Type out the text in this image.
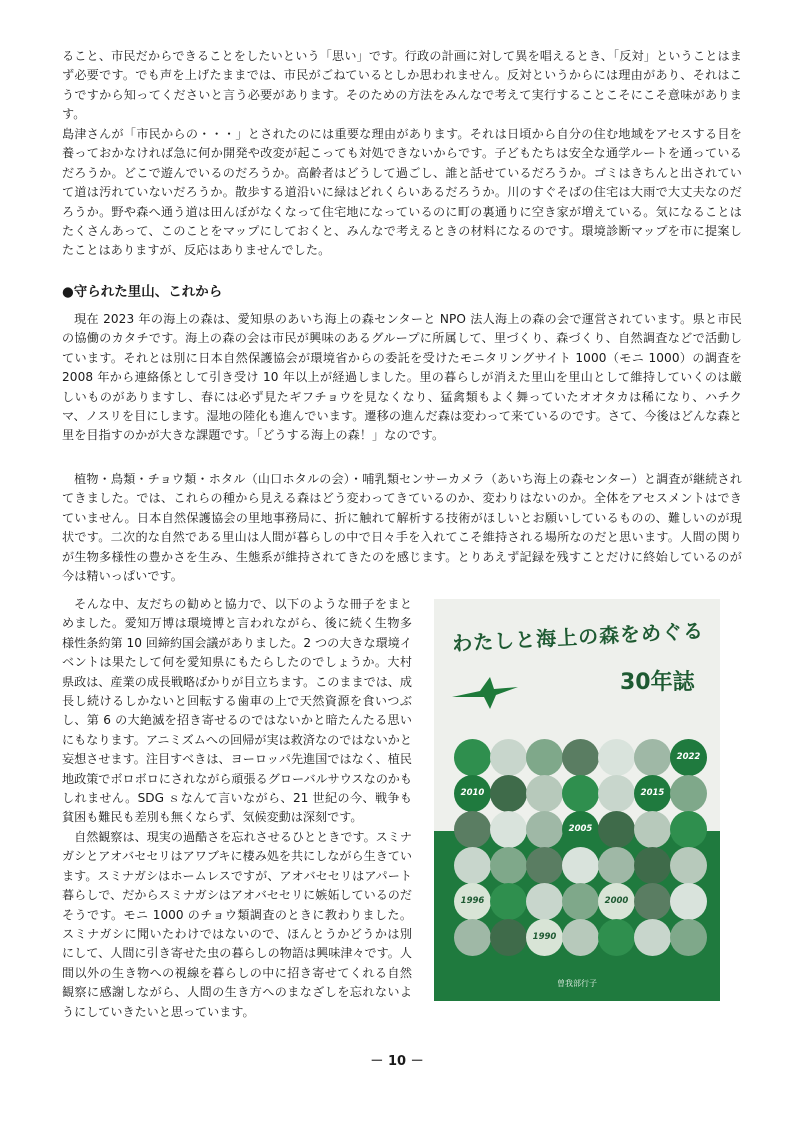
ること、市民だからできることをしたいという「思い」です。行政の計画に対して異を唱えるとき、「反対」ということはまず必要です。でも声を上げたままでは、市民がごねているとしか思われません。反対というからには理由があり、それはこうですから知ってくださいと言う必要があります。そのための方法をみんなで考えて実行することこそにこそ意味があります。

島津さんが「市民からの・・・」とされたのには重要な理由があります。それは日頃から自分の住む地域をアセスする目を養っておかなければ急に何か開発や改変が起こっても対処できないからです。子どもたちは安全な通学ルートを通っているだろうか。どこで遊んでいるのだろうか。高齢者はどうして過ごし、誰と話せているだろうか。ゴミはきちんと出されていて道は汚れていないだろうか。散歩する道沿いに緑はどれくらいあるだろうか。川のすぐそばの住宅は大雨で大丈夫なのだろうか。野や森へ通う道は田んぼがなくなって住宅地になっているのに町の裏通りに空き家が増えている。気になることはたくさんあって、このことをマップにしておくと、みんなで考えるときの材料になるのです。環境診断マップを市に提案したことはありますが、反応はありませんでした。

●守られた里山、これから

現在 2023 年の海上の森は、愛知県のあいち海上の森センターと NPO 法人海上の森の会で運営されています。県と市民の協働のカタチです。海上の森の会は市民が興味のあるグループに所属して、里づくり、森づくり、自然調査などで活動しています。それとは別に日本自然保護協会が環境省からの委託を受けたモニタリングサイト 1000（モニ 1000）の調査を 2008 年から連絡係として引き受け 10 年以上が経過しました。里の暮らしが消えた里山を里山として維持していくのは厳しいものがありますし、春には必ず見たギフチョウを見なくなり、猛禽類もよく舞っていたオオタカは稀になり、ハチクマ、ノスリを目にします。湿地の陸化も進んでいます。遷移の進んだ森は変わって来ているのです。さて、今後はどんな森と里を目指すのかが大きな課題です。「どうする海上の森！」なのです。

植物・鳥類・チョウ類・ホタル（山口ホタルの会）・哺乳類センサーカメラ（あいち海上の森センター）と調査が継続されてきました。では、これらの種から見える森はどう変わってきているのか、変わりはないのか。全体をアセスメントはできていません。日本自然保護協会の里地事務局に、折に触れて解析する技術がほしいとお願いしているものの、難しいのが現状です。二次的な自然である里山は人間が暮らしの中で日々手を入れてこそ維持される場所なのだと思います。人間の関りが生物多様性の豊かさを生み、生態系が維持されてきたのを感じます。とりあえず記録を残すことだけに終始しているのが今は精いっぱいです。

そんな中、友だちの勧めと協力で、以下のような冊子をまとめました。愛知万博は環境博と言われながら、後に続く生物多様性条約第 10 回締約国会議がありました。2 つの大きな環境イベントは果たして何を愛知県にもたらしたのでしょうか。大村県政は、産業の成長戦略ばかりが目立ちます。このままでは、成長し続けるしかないと回転する歯車の上で天然資源を食いつぶし、第 6 の大絶滅を招き寄せるのではないかと暗たんたる思いにもなります。アニミズムへの回帰が実は救済なのではないかと妄想させます。注目すべきは、ヨーロッパ先進国ではなく、植民地政策でボロボロにされながら頑張るグローバルサウスなのかもしれません。SDG ｓなんて言いながら、21 世紀の今、戦争も貧困も難民も差別も無くならず、気候変動は深刻です。

自然観察は、現実の過酷さを忘れさせるひとときです。スミナガシとアオバセセリはアワブキに棲み処を共にしながら生きています。スミナガシはホームレスですが、アオバセセリはアパート暮らしで、だからスミナガシはアオバセセリに嫉妬しているのだそうです。モニ 1000 のチョウ類調査のときに教わりました。スミナガシに聞いたわけではないので、ほんとうかどうかは別にして、人間に引き寄せた虫の暮らしの物語は興味津々です。人間以外の生き物への視線を暮らしの中に招き寄せてくれる自然観察に感謝しながら、人間の生き方へのまなざしを忘れないようにしていきたいと思っています。

わたしと海上の森をめぐる
30年誌
2022
2010	2015
2005
1996	2000
1990
曽我部行子
－ 10 －
